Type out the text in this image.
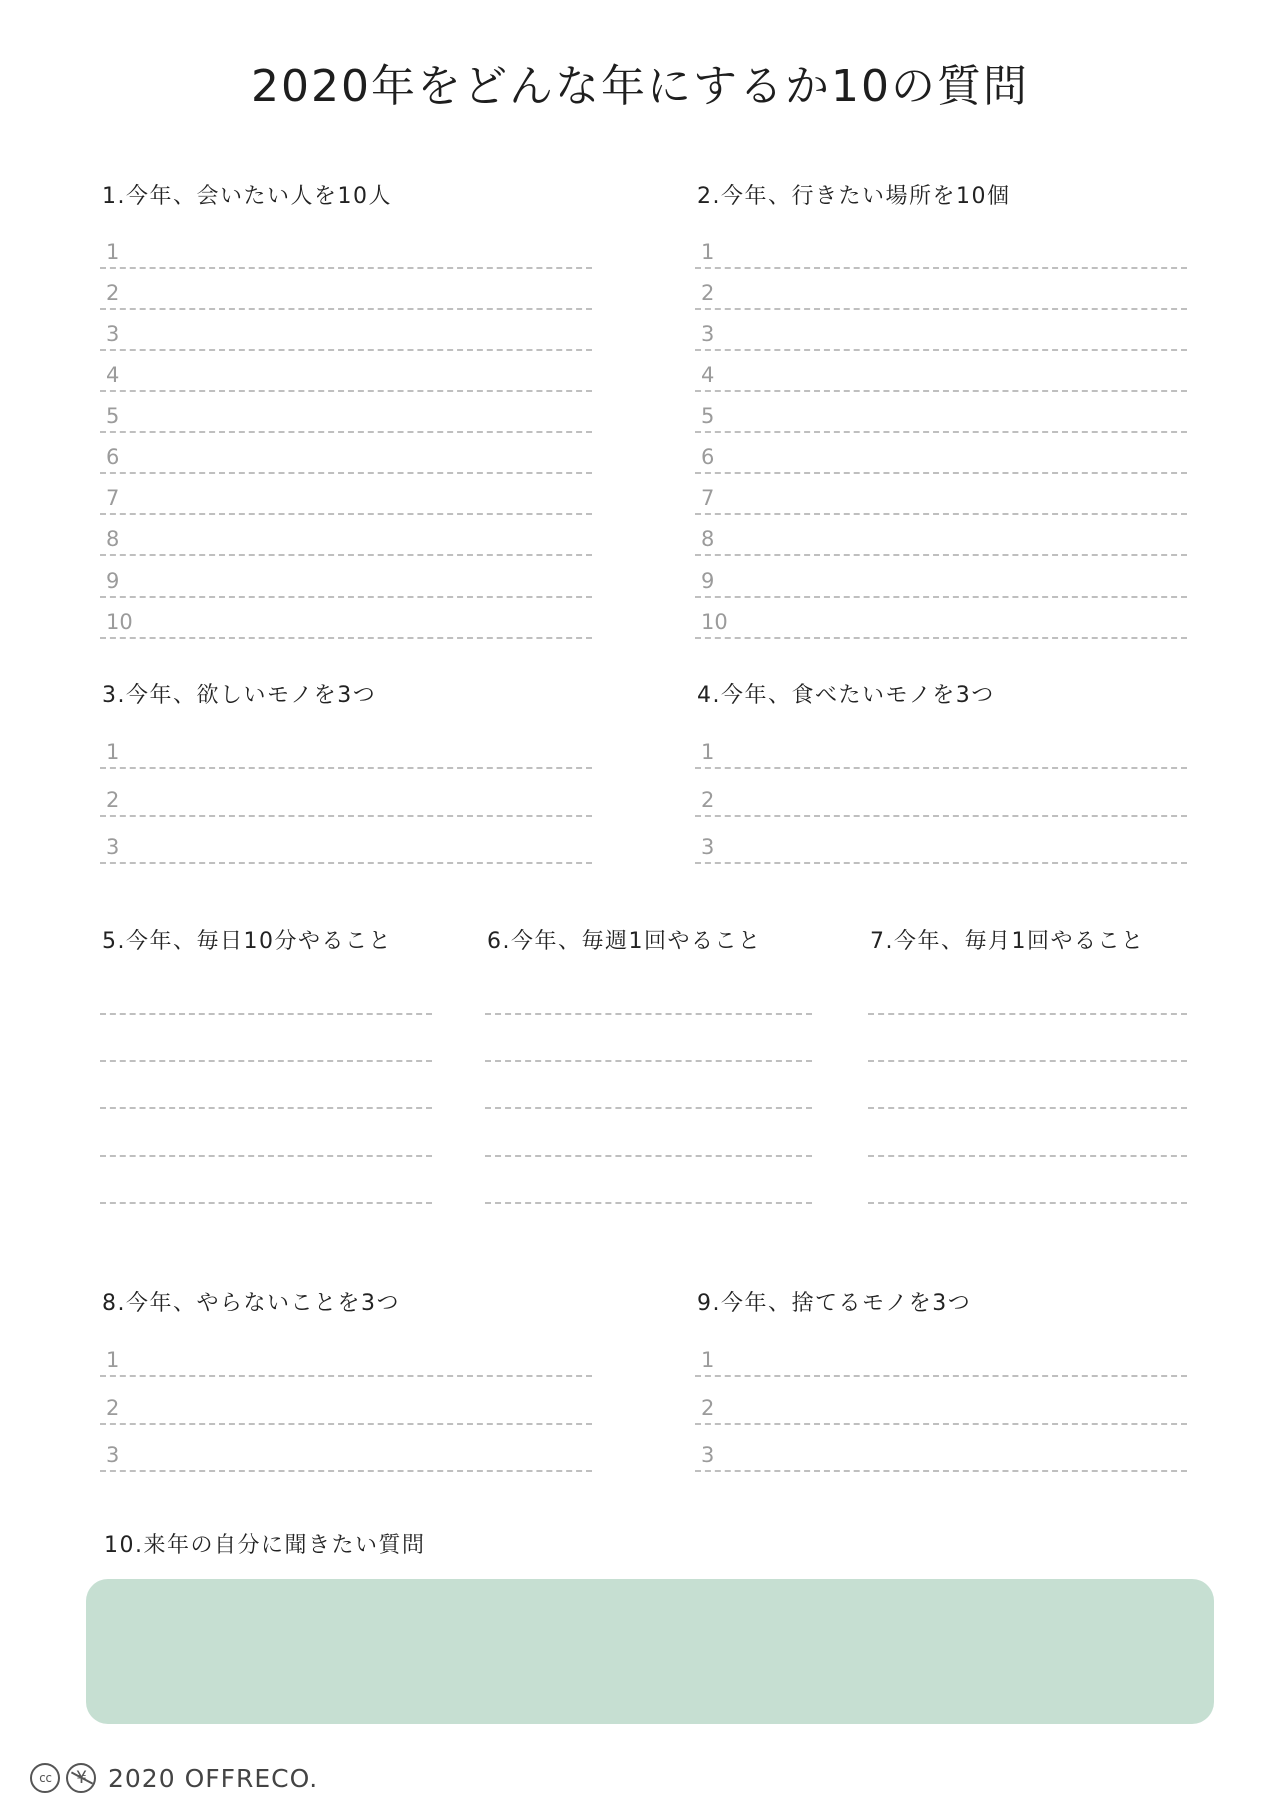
2020年をどんな年にするか10の質問
1.今年、会いたい人を10人
1
2
3
4
5
6
7
8
9
10
2.今年、行きたい場所を10個
1
2
3
4
5
6
7
8
9
10
3.今年、欲しいモノを3つ
1
2
3
4.今年、食べたいモノを3つ
1
2
3
5.今年、毎日10分やること	6.今年、毎週1回やること	7.今年、毎月1回やること
8.今年、やらないことを3つ
1
2
3
9.今年、捨てるモノを3つ
1
2
3
10.来年の自分に聞きたい質問
cc	¥ 2020 OFFRECO.
